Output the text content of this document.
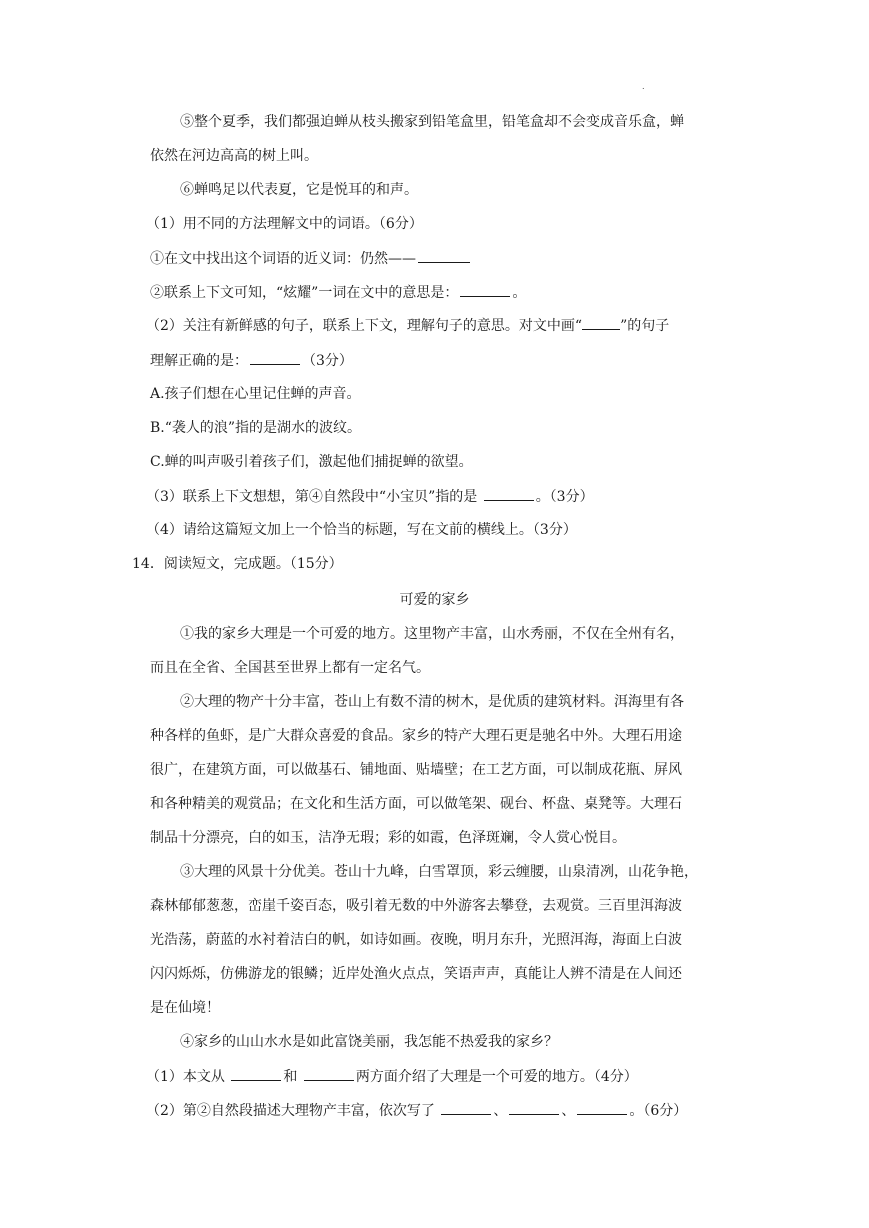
.
⑤整个夏季，我们都强迫蝉从枝头搬家到铅笔盒里，铅笔盒却不会变成音乐盒，蝉
依然在河边高高的树上叫。
⑥蝉鸣足以代表夏，它是悦耳的和声。
（1）用不同的方法理解文中的词语。（6分）
①在文中找出这个词语的近义词：仍然——
②联系上下文可知，“炫耀”一词在文中的意思是：	。
（2）关注有新鲜感的句子，联系上下文，理解句子的意思。对文中画“	”的句子
理解正确的是：	（3分）
A.孩子们想在心里记住蝉的声音。
B.“袭人的浪”指的是湖水的波纹。
C.蝉的叫声吸引着孩子们，激起他们捕捉蝉的欲望。
（3）联系上下文想想，第④自然段中“小宝贝”指的是	。（3分）
（4）请给这篇短文加上一个恰当的标题，写在文前的横线上。（3分）
14．阅读短文，完成题。（15分）
可爱的家乡
①我的家乡大理是一个可爱的地方。这里物产丰富，山水秀丽，不仅在全州有名，
而且在全省、全国甚至世界上都有一定名气。
②大理的物产十分丰富，苍山上有数不清的树木，是优质的建筑材料。洱海里有各
种各样的鱼虾，是广大群众喜爱的食品。家乡的特产大理石更是驰名中外。大理石用途
很广，在建筑方面，可以做基石、铺地面、贴墙壁；在工艺方面，可以制成花瓶、屏风
和各种精美的观赏品；在文化和生活方面，可以做笔架、砚台、杯盘、桌凳等。大理石
制品十分漂亮，白的如玉，洁净无瑕；彩的如霞，色泽斑斓，令人赏心悦目。
③大理的风景十分优美。苍山十九峰，白雪罩顶，彩云缠腰，山泉清冽，山花争艳，
森林郁郁葱葱，峦崖千姿百态，吸引着无数的中外游客去攀登，去观赏。三百里洱海波
光浩荡，蔚蓝的水衬着洁白的帆，如诗如画。夜晚，明月东升，光照洱海，海面上白波
闪闪烁烁，仿佛游龙的银鳞；近岸处渔火点点，笑语声声，真能让人辨不清是在人间还
是在仙境！
④家乡的山山水水是如此富饶美丽，我怎能不热爱我的家乡？
（1）本文从	和	两方面介绍了大理是一个可爱的地方。（4分）
（2）第②自然段描述大理物产丰富，依次写了	、	、	。（6分）
